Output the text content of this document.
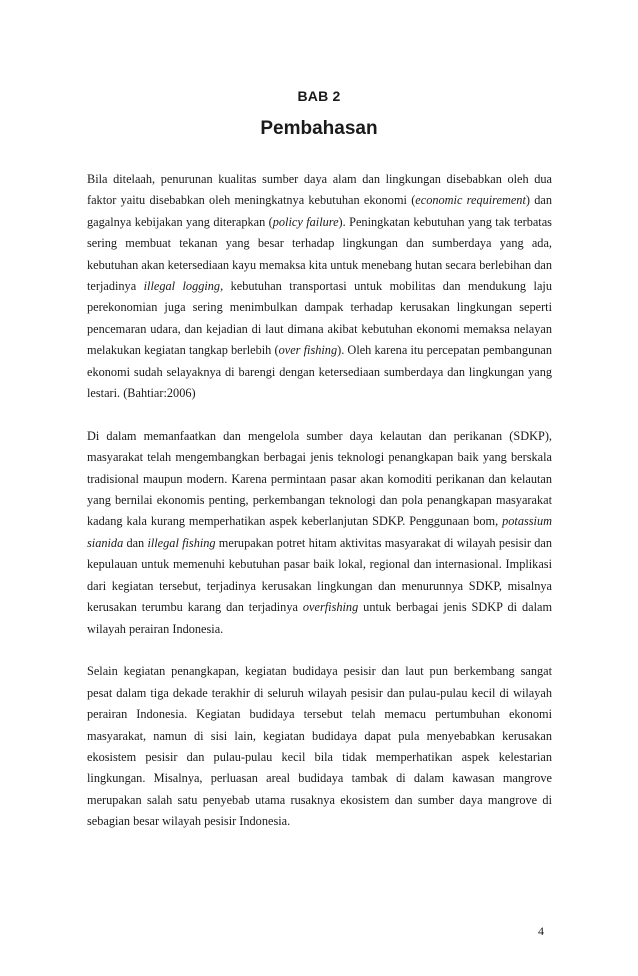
BAB 2
Pembahasan

Bila ditelaah, penurunan kualitas sumber daya alam dan lingkungan disebabkan oleh dua faktor yaitu disebabkan oleh meningkatnya kebutuhan ekonomi (economic requirement) dan gagalnya kebijakan yang diterapkan (policy failure). Peningkatan kebutuhan yang tak terbatas sering membuat tekanan yang besar terhadap lingkungan dan sumberdaya yang ada, kebutuhan akan ketersediaan kayu memaksa kita untuk menebang hutan secara berlebihan dan terjadinya illegal logging, kebutuhan transportasi untuk mobilitas dan mendukung laju perekonomian juga sering menimbulkan dampak terhadap kerusakan lingkungan seperti pencemaran udara, dan kejadian di laut dimana akibat kebutuhan ekonomi memaksa nelayan melakukan kegiatan tangkap berlebih (over fishing). Oleh karena itu percepatan pembangunan ekonomi sudah selayaknya di barengi dengan ketersediaan sumberdaya dan lingkungan yang lestari. (Bahtiar:2006)

Di dalam memanfaatkan dan mengelola sumber daya kelautan dan perikanan (SDKP), masyarakat telah mengembangkan berbagai jenis teknologi penangkapan baik yang berskala tradisional maupun modern. Karena permintaan pasar akan komoditi perikanan dan kelautan yang bernilai ekonomis penting, perkembangan teknologi dan pola penangkapan masyarakat kadang kala kurang memperhatikan aspek keberlanjutan SDKP. Penggunaan bom, potassium sianida dan illegal fishing merupakan potret hitam aktivitas masyarakat di wilayah pesisir dan kepulauan untuk memenuhi kebutuhan pasar baik lokal, regional dan internasional. Implikasi dari kegiatan tersebut, terjadinya kerusakan lingkungan dan menurunnya SDKP, misalnya kerusakan terumbu karang dan terjadinya overfishing untuk berbagai jenis SDKP di dalam wilayah perairan Indonesia.

Selain kegiatan penangkapan, kegiatan budidaya pesisir dan laut pun berkembang sangat pesat dalam tiga dekade terakhir di seluruh wilayah pesisir dan pulau-pulau kecil di wilayah perairan Indonesia. Kegiatan budidaya tersebut telah memacu pertumbuhan ekonomi masyarakat, namun di sisi lain, kegiatan budidaya dapat pula menyebabkan kerusakan ekosistem pesisir dan pulau-pulau kecil bila tidak memperhatikan aspek kelestarian lingkungan. Misalnya, perluasan areal budidaya tambak di dalam kawasan mangrove merupakan salah satu penyebab utama rusaknya ekosistem dan sumber daya mangrove di sebagian besar wilayah pesisir Indonesia.

4
